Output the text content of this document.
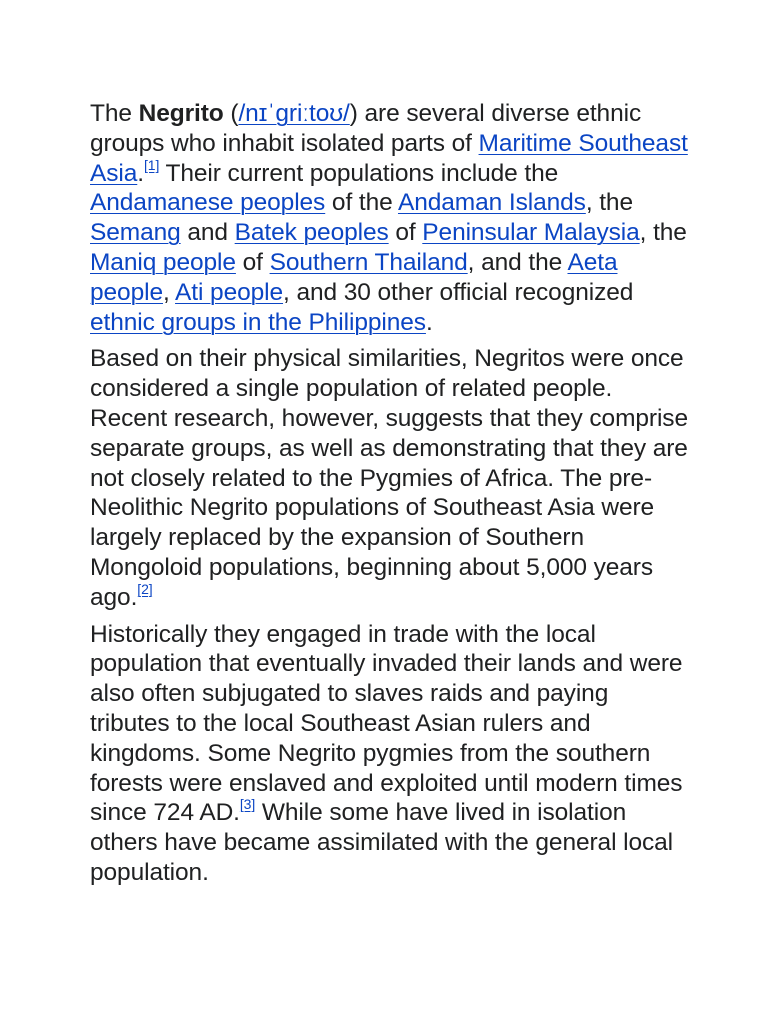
The Negrito (/nɪˈɡriːtoʊ/) are several diverse ethnic groups who inhabit isolated parts of Maritime Southeast Asia.[1] Their current populations include the Andamanese peoples of the Andaman Islands, the Semang and Batek peoples of Peninsular Malaysia, the Maniq people of Southern Thailand, and the Aeta people, Ati people, and 30 other official recognized ethnic groups in the Philippines.

Based on their physical similarities, Negritos were once considered a single population of related people. Recent research, however, suggests that they comprise separate groups, as well as demonstrating that they are not closely related to the Pygmies of Africa. The pre-Neolithic Negrito populations of Southeast Asia were largely replaced by the expansion of Southern Mongoloid populations, beginning about 5,000 years ago.[2]

Historically they engaged in trade with the local population that eventually invaded their lands and were also often subjugated to slaves raids and paying tributes to the local Southeast Asian rulers and kingdoms. Some Negrito pygmies from the southern forests were enslaved and exploited until modern times since 724 AD.[3] While some have lived in isolation others have became assimilated with the general local population.
